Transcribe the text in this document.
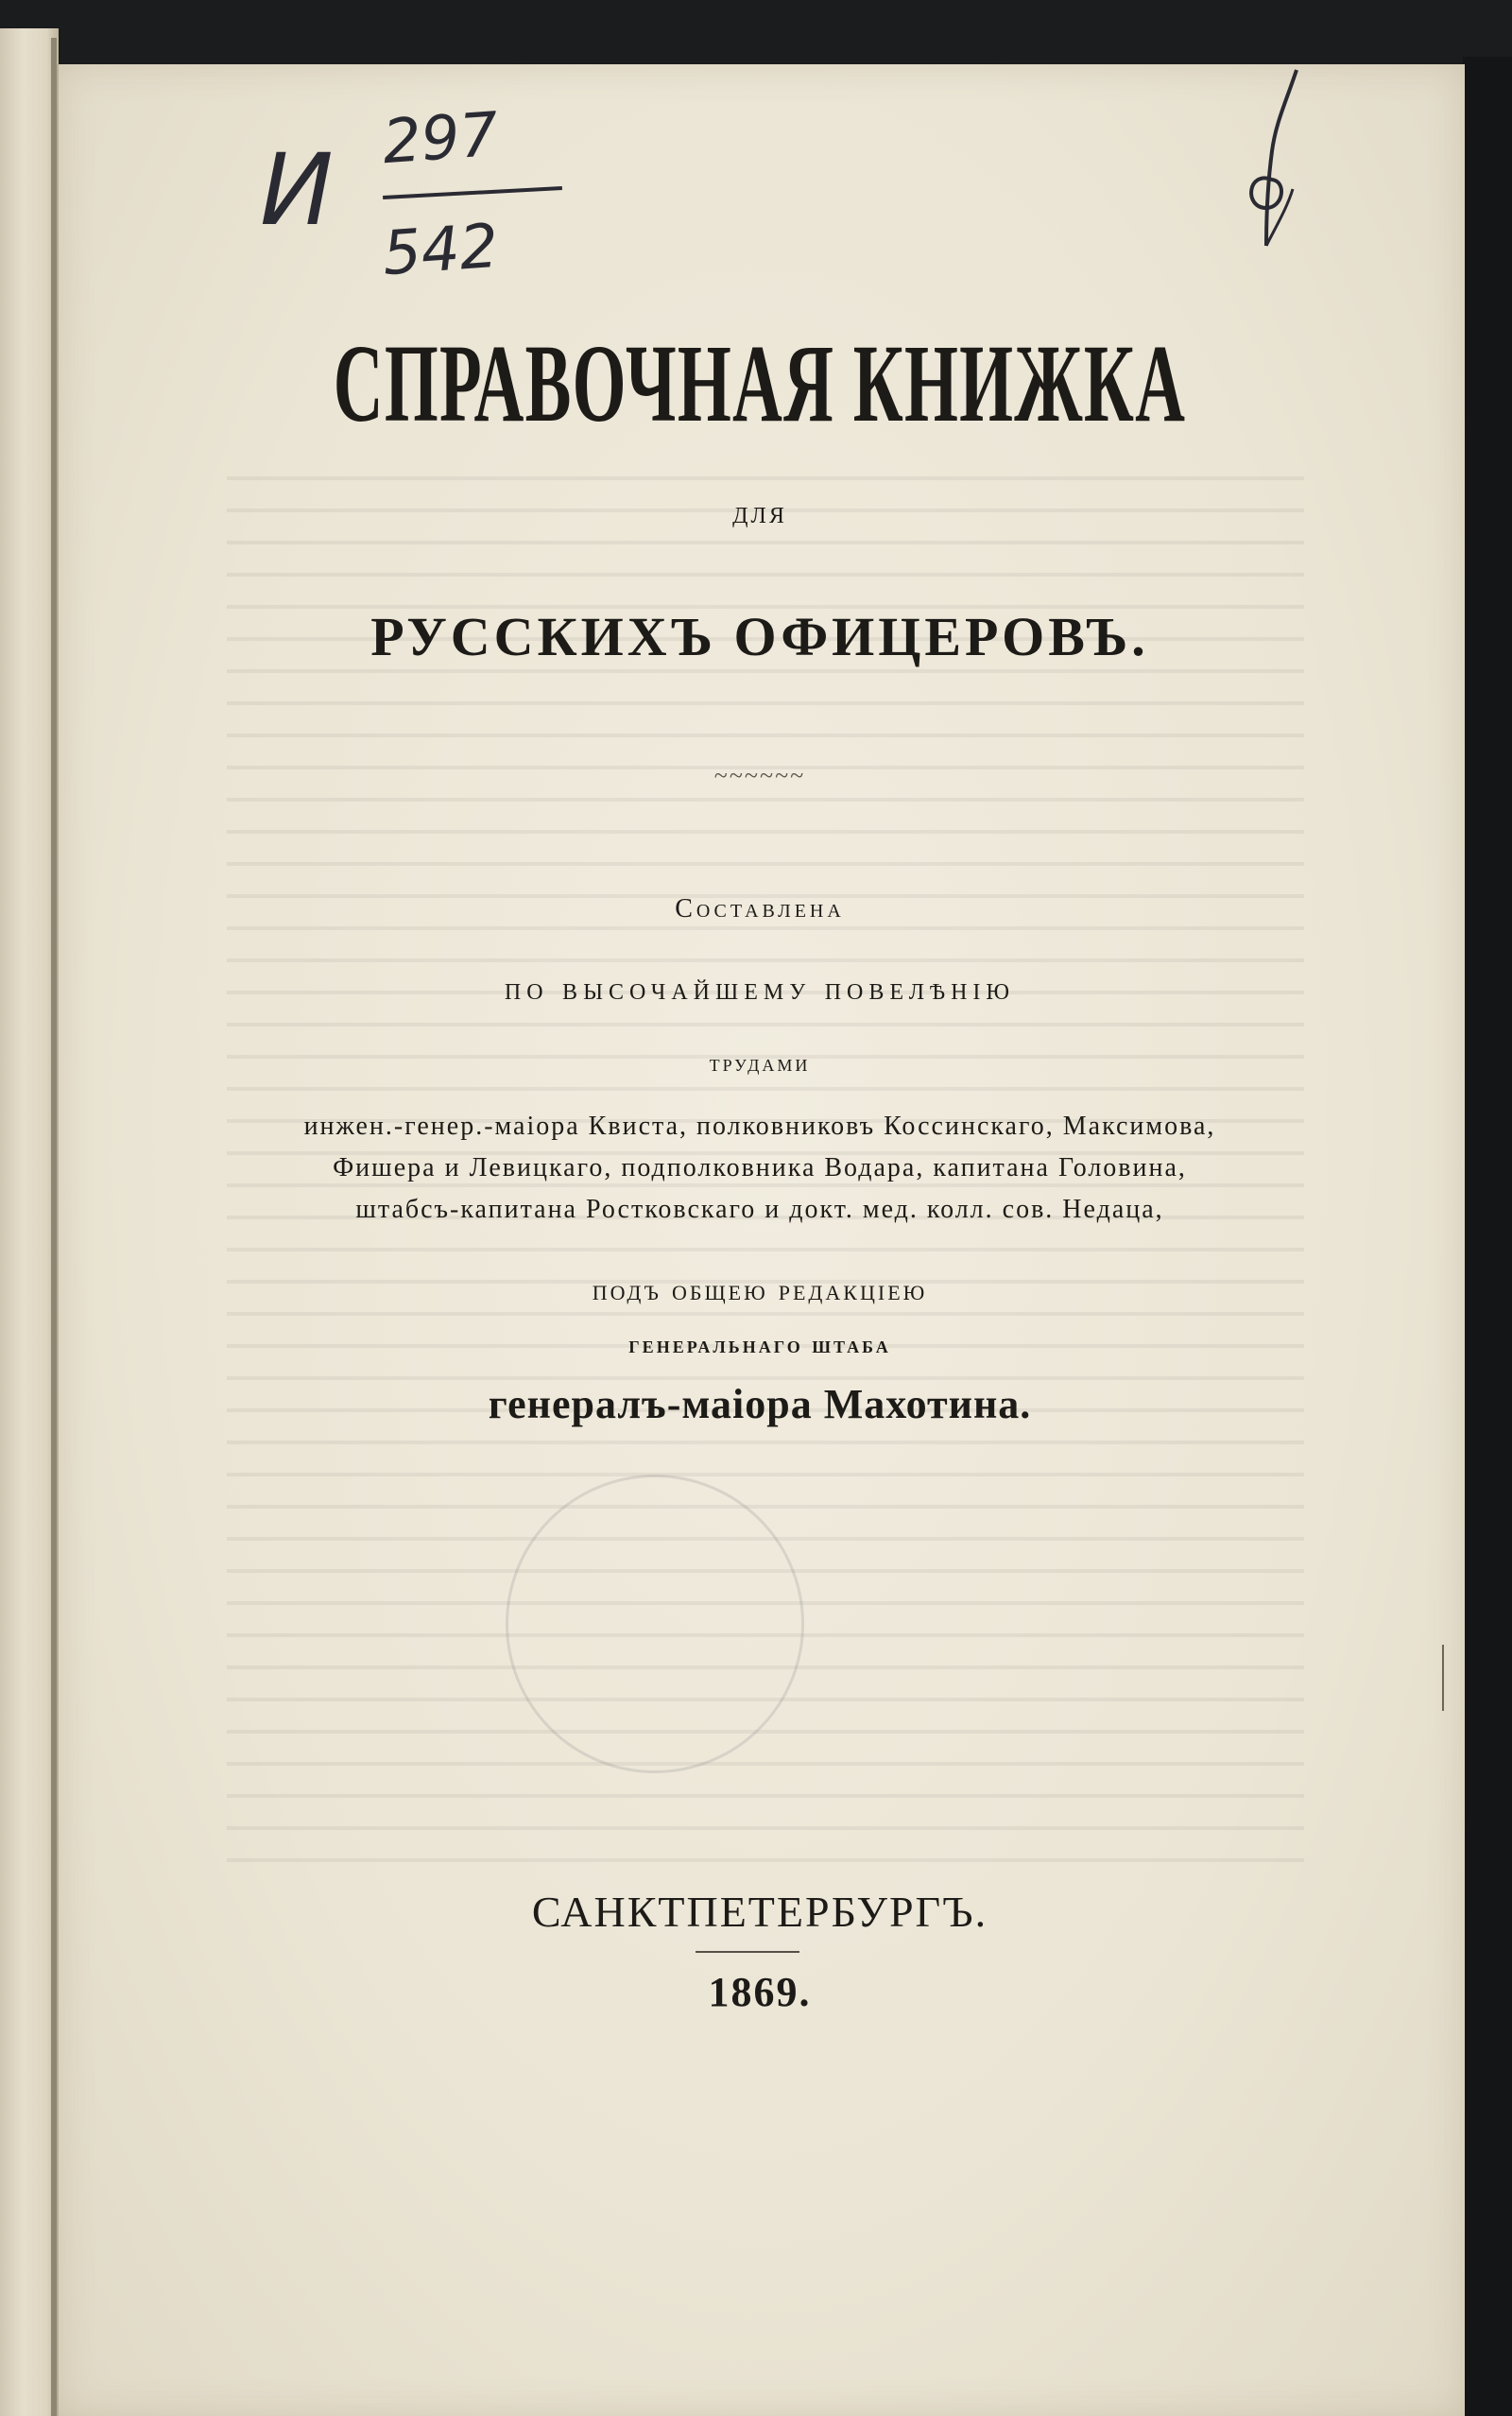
И 297
542

СПРАВОЧНАЯ КНИЖКА

для

РУССКИХЪ ОФИЦЕРОВЪ.

~~~~~~

Составлена

по высочайшему повелѣнію

трудами

инжен.-генер.-маіора Квиста, полковниковъ Коссинскаго, Максимова,

Фишера и Левицкаго, подполковника Водара, капитана Головина,

штабсъ-капитана Ростковскаго и докт. мед. колл. сов. Недаца,

подъ общею редакціею

генеральнаго штаба

генералъ-маіора Махотина.

САНКТПЕТЕРБУРГЪ.

1869.
